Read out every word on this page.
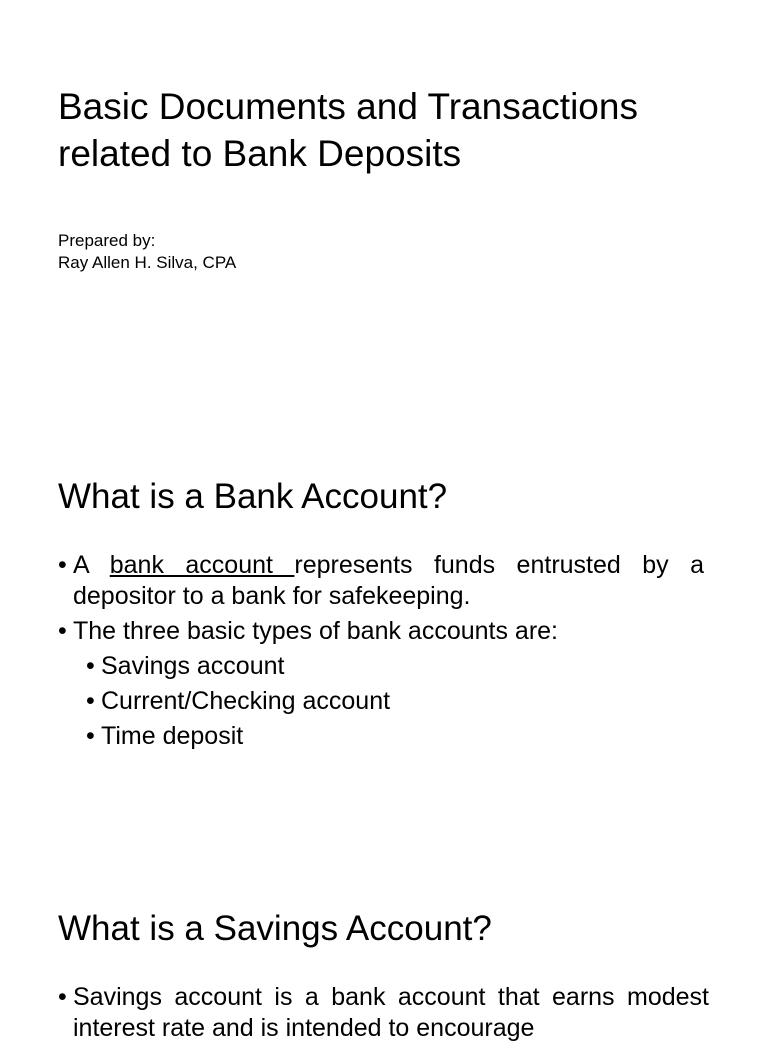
Basic Documents and Transactions related to Bank Deposits
Prepared by:
Ray Allen H. Silva, CPA
What is a Bank Account?
• A bank account represents funds entrusted by a depositor to a bank for safekeeping.
• The three basic types of bank accounts are:
• Savings account
• Current/Checking account
• Time deposit
What is a Savings Account?
• Savings account is a bank account that earns modest interest rate and is intended to encourage
